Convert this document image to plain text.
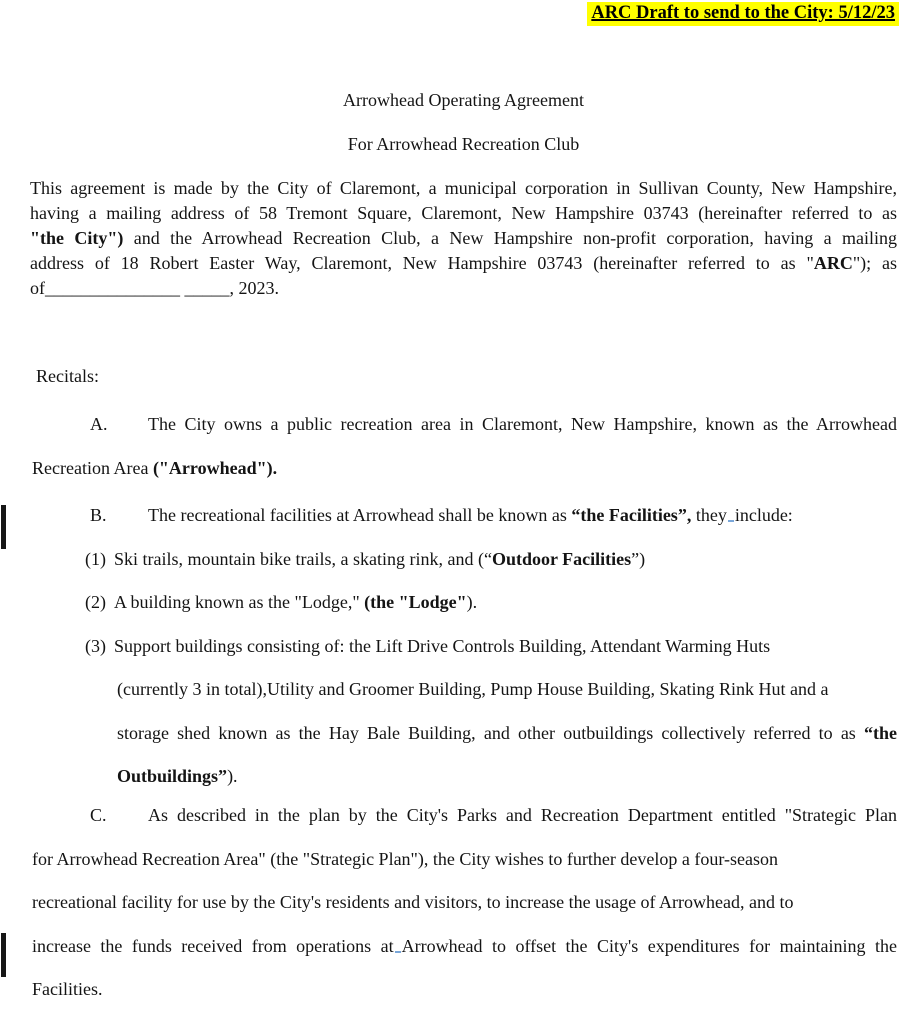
ARC Draft to send to the City: 5/12/23
Arrowhead Operating Agreement
For Arrowhead Recreation Club
This agreement is made by the City of Claremont, a municipal corporation in Sullivan County, New Hampshire,
having a mailing address of 58 Tremont Square, Claremont, New Hampshire 03743 (hereinafter referred to as
"the City") and the Arrowhead Recreation Club, a New Hampshire non-profit corporation, having a mailing
address of 18 Robert Easter Way, Claremont, New Hampshire 03743 (hereinafter referred to as "ARC"); as
of_______________ _____, 2023.
Recitals:
A. The City owns a public recreation area in Claremont, New Hampshire, known as the Arrowhead
Recreation Area ("Arrowhead").
B. The recreational facilities at Arrowhead shall be known as “the Facilities”, they include:
(1) Ski trails, mountain bike trails, a skating rink, and (“Outdoor Facilities”)
(2) A building known as the "Lodge," (the "Lodge").
(3) Support buildings consisting of: the Lift Drive Controls Building, Attendant Warming Huts
(currently 3 in total),Utility and Groomer Building, Pump House Building, Skating Rink Hut and a
storage shed known as the Hay Bale Building, and other outbuildings collectively referred to as “the
Outbuildings”).
C. As described in the plan by the City's Parks and Recreation Department entitled "Strategic Plan
for Arrowhead Recreation Area" (the "Strategic Plan"), the City wishes to further develop a four-season
recreational facility for use by the City's residents and visitors, to increase the usage of Arrowhead, and to
increase the funds received from operations at Arrowhead to offset the City's expenditures for maintaining the
Facilities.
